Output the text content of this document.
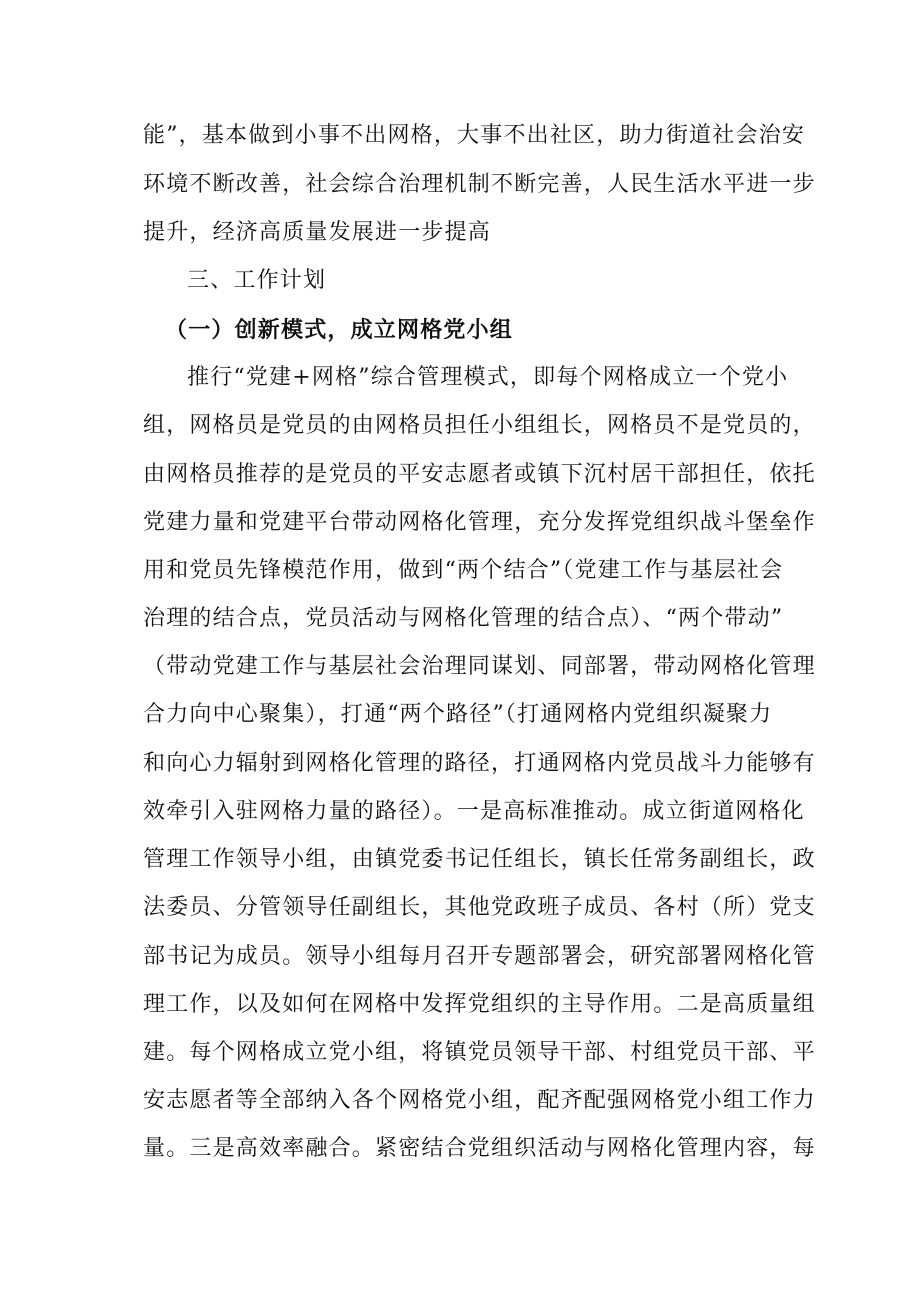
能”，基本做到小事不出网格，大事不出社区，助力街道社会治安
环境不断改善，社会综合治理机制不断完善，人民生活水平进一步
提升，经济高质量发展进一步提高
三、工作计划
（一）创新模式，成立网格党小组
推行“党建+网格”综合管理模式，即每个网格成立一个党小
组，网格员是党员的由网格员担任小组组长，网格员不是党员的，
由网格员推荐的是党员的平安志愿者或镇下沉村居干部担任，依托
党建力量和党建平台带动网格化管理，充分发挥党组织战斗堡垒作
用和党员先锋模范作用，做到“两个结合”（党建工作与基层社会
治理的结合点，党员活动与网格化管理的结合点）、“两个带动”
（带动党建工作与基层社会治理同谋划、同部署，带动网格化管理
合力向中心聚集），打通“两个路径”（打通网格内党组织凝聚力
和向心力辐射到网格化管理的路径，打通网格内党员战斗力能够有
效牵引入驻网格力量的路径）。一是高标准推动。成立街道网格化
管理工作领导小组，由镇党委书记任组长，镇长任常务副组长，政
法委员、分管领导任副组长，其他党政班子成员、各村（所）党支
部书记为成员。领导小组每月召开专题部署会，研究部署网格化管
理工作，以及如何在网格中发挥党组织的主导作用。二是高质量组
建。每个网格成立党小组，将镇党员领导干部、村组党员干部、平
安志愿者等全部纳入各个网格党小组，配齐配强网格党小组工作力
量。三是高效率融合。紧密结合党组织活动与网格化管理内容，每
